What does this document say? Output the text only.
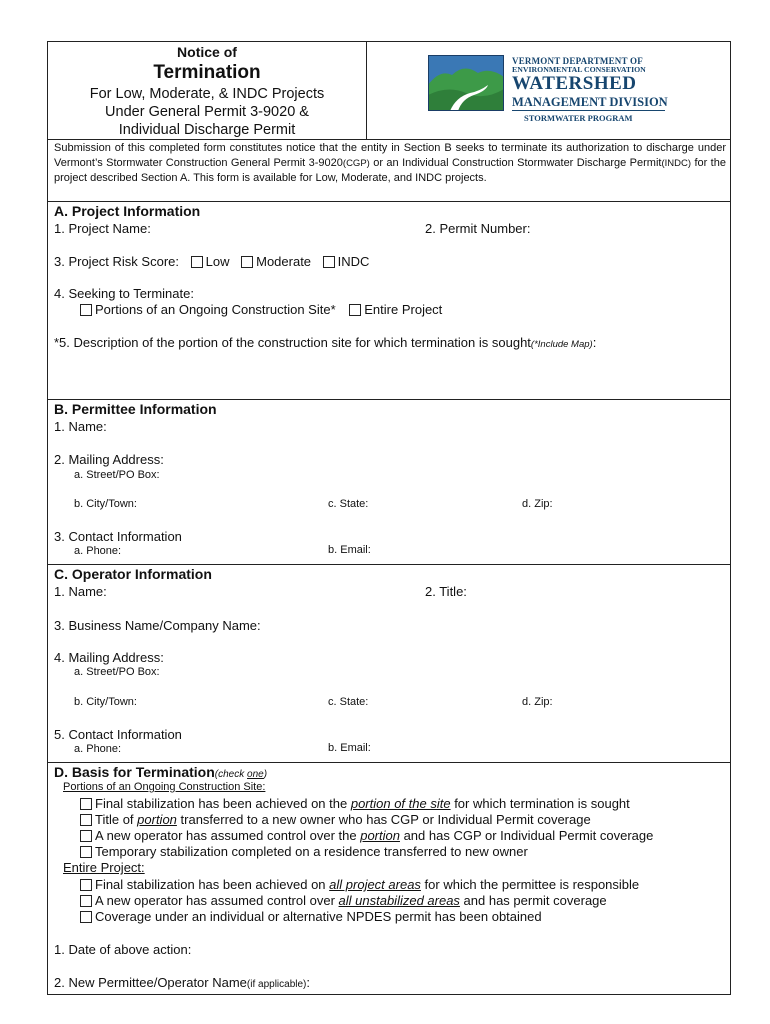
Notice of
Termination
For Low, Moderate, & INDC Projects
Under General Permit 3-9020 &
Individual Discharge Permit
VERMONT DEPARTMENT OF
ENVIRONMENTAL CONSERVATION
WATERSHED
MANAGEMENT DIVISION
STORMWATER PROGRAM
Submission of this completed form constitutes notice that the entity in Section B seeks to terminate its authorization to discharge under Vermont’s Stormwater Construction General Permit 3-9020(CGP) or an Individual Construction Stormwater Discharge Permit(INDC) for the project described Section A. This form is available for Low, Moderate, and INDC projects.
A. Project Information
1. Project Name:	2. Permit Number:
3. Project Risk Score: Low Moderate INDC
4. Seeking to Terminate:
Portions of an Ongoing Construction Site* Entire Project
*5. Description of the portion of the construction site for which termination is sought(*Include Map):
B. Permittee Information
1. Name:
2. Mailing Address:
a. Street/PO Box:
b. City/Town:	c. State:	d. Zip:
3. Contact Information
a. Phone:	b. Email:
C. Operator Information
1. Name:	2. Title:
3. Business Name/Company Name:
4. Mailing Address:
a. Street/PO Box:
b. City/Town:	c. State:	d. Zip:
5. Contact Information
a. Phone:	b. Email:
D. Basis for Termination(check one)
Portions of an Ongoing Construction Site:
Final stabilization has been achieved on the portion of the site for which termination is sought
Title of portion transferred to a new owner who has CGP or Individual Permit coverage
A new operator has assumed control over the portion and has CGP or Individual Permit coverage
Temporary stabilization completed on a residence transferred to new owner
Entire Project:
Final stabilization has been achieved on all project areas for which the permittee is responsible
A new operator has assumed control over all unstabilized areas and has permit coverage
Coverage under an individual or alternative NPDES permit has been obtained
1. Date of above action:
2. New Permittee/Operator Name(if applicable):
